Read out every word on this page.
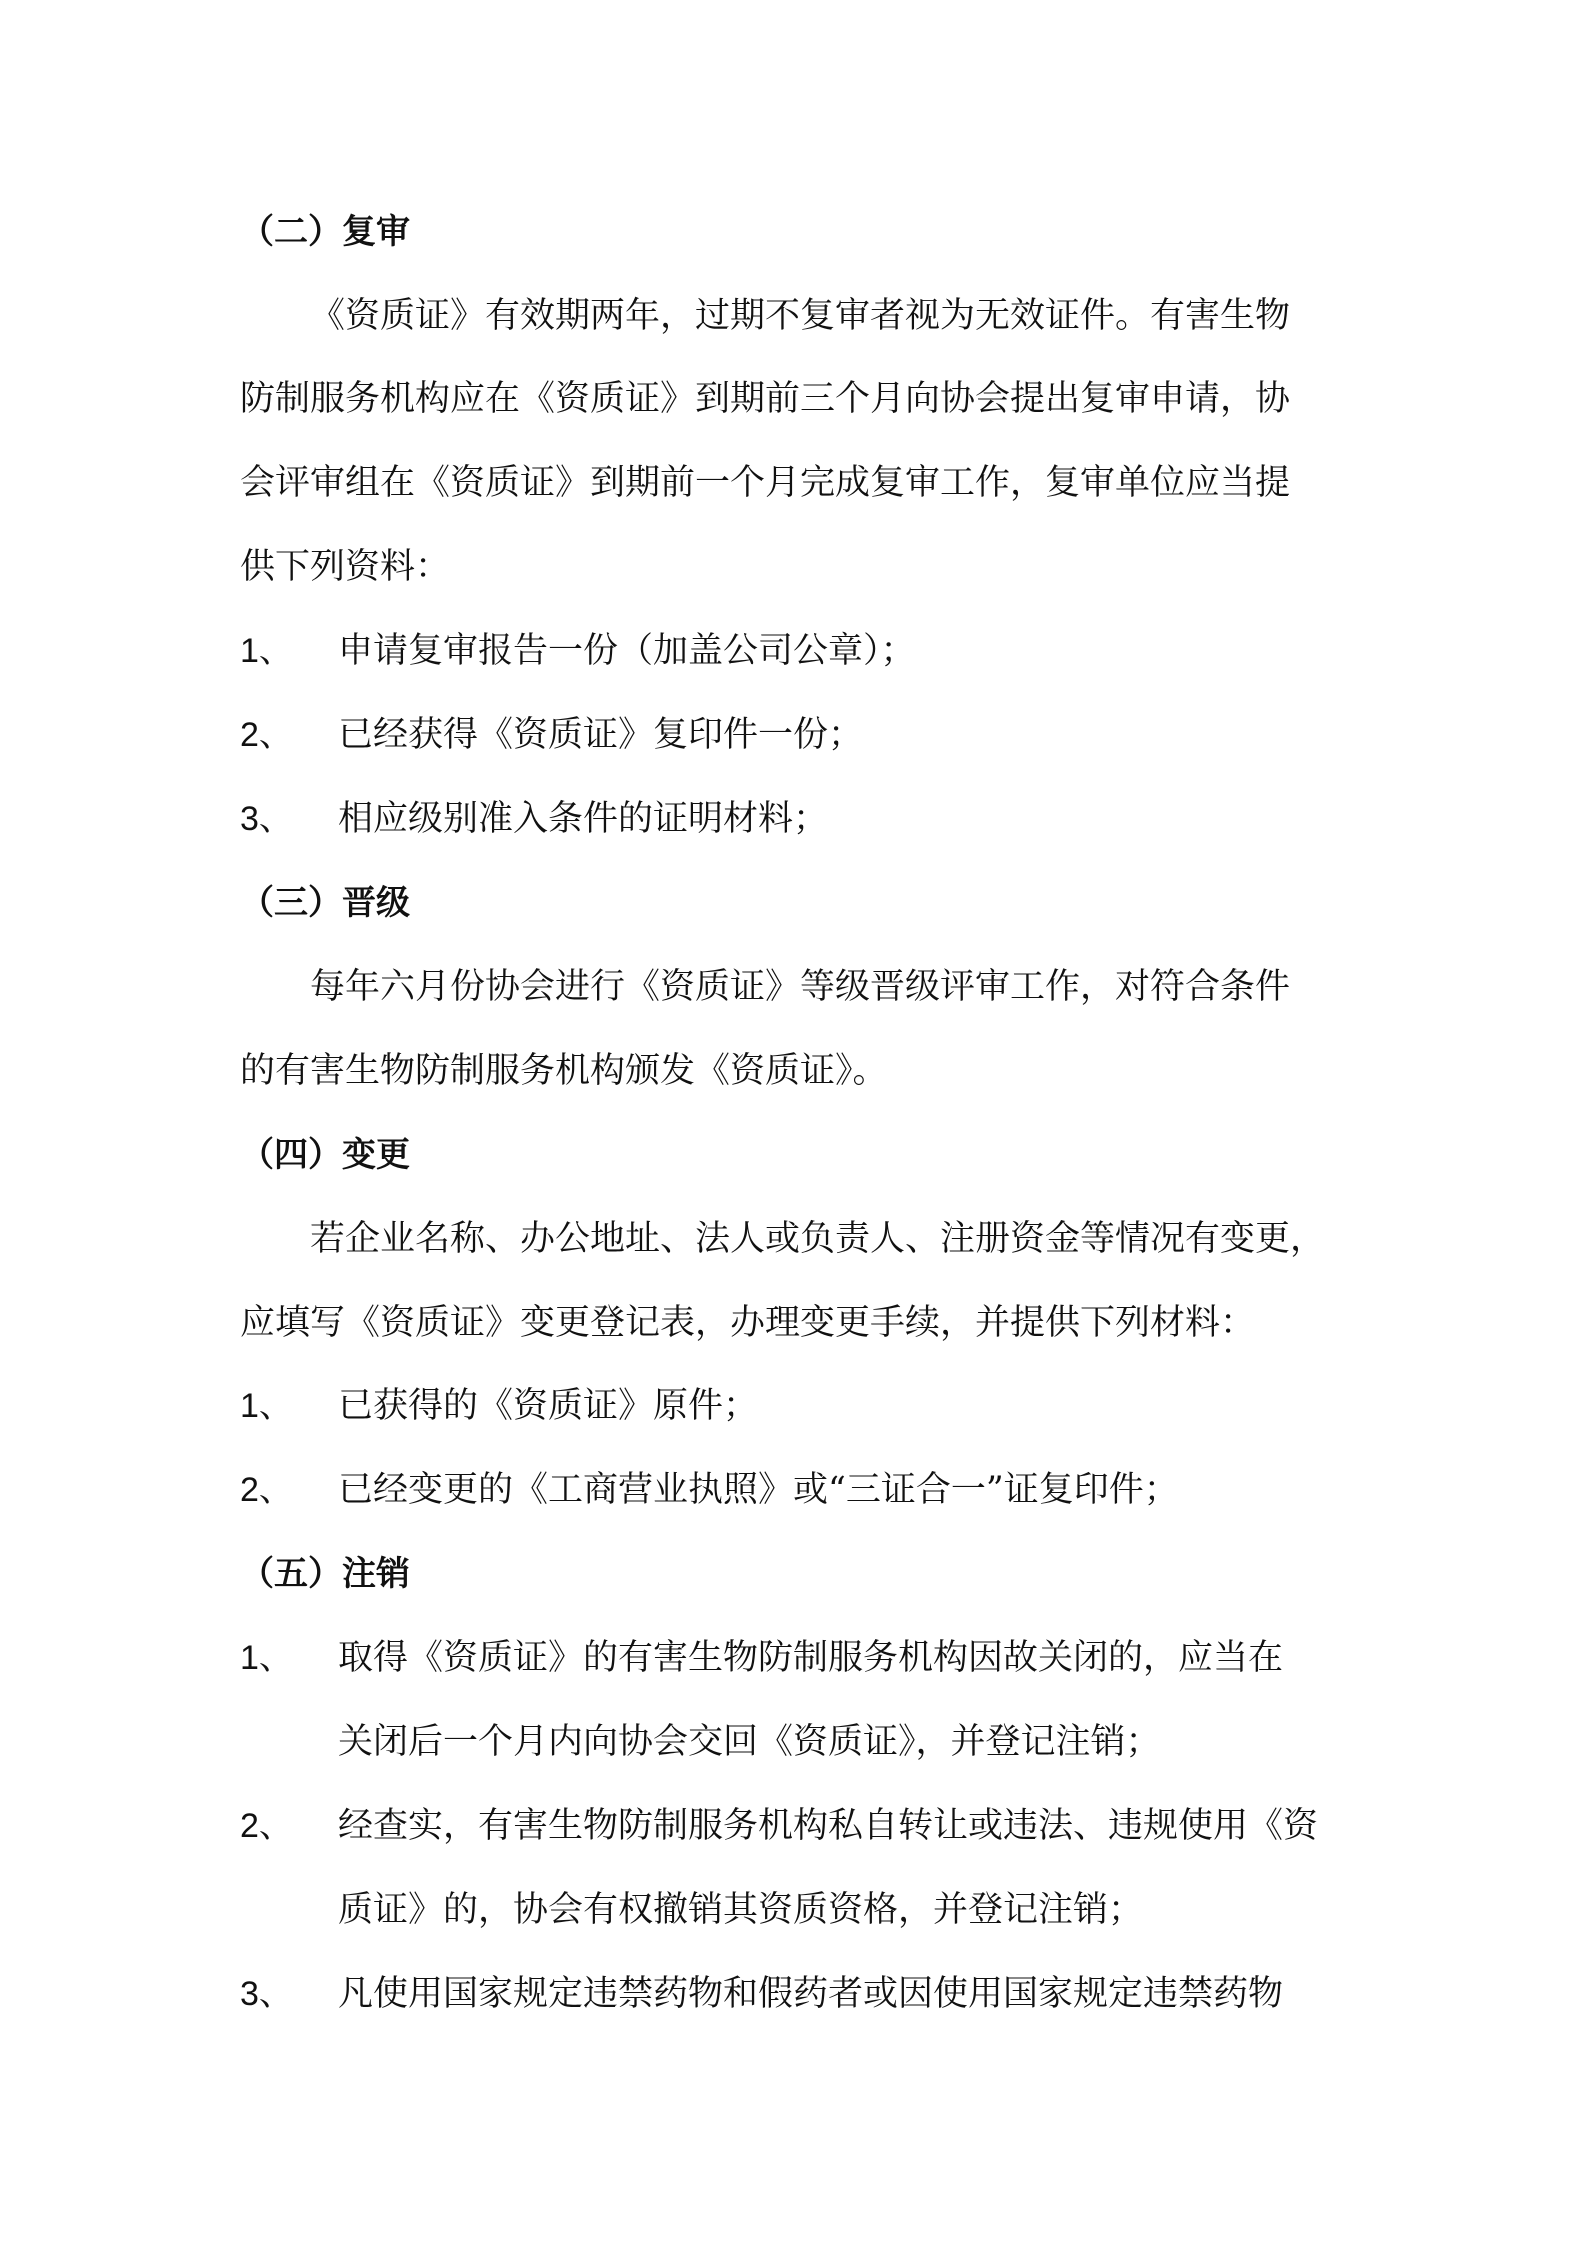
（二）复审
《资质证》有效期两年，过期不复审者视为无效证件。有害生物
防制服务机构应在《资质证》到期前三个月向协会提出复审申请，协
会评审组在《资质证》到期前一个月完成复审工作，复审单位应当提
供下列资料：
1、	申请复审报告一份（加盖公司公章）；
2、	已经获得《资质证》复印件一份；
3、	相应级别准入条件的证明材料；
（三）晋级
每年六月份协会进行《资质证》等级晋级评审工作，对符合条件
的有害生物防制服务机构颁发《资质证》。
（四）变更
若企业名称、办公地址、法人或负责人、注册资金等情况有变更，
应填写《资质证》变更登记表，办理变更手续，并提供下列材料：
1、	已获得的《资质证》原件；
2、	已经变更的《工商营业执照》或“三证合一”证复印件；
（五）注销
1、	取得《资质证》的有害生物防制服务机构因故关闭的，应当在
关闭后一个月内向协会交回《资质证》，并登记注销；
2、	经查实，有害生物防制服务机构私自转让或违法、违规使用《资
质证》的，协会有权撤销其资质资格，并登记注销；
3、	凡使用国家规定违禁药物和假药者或因使用国家规定违禁药物
